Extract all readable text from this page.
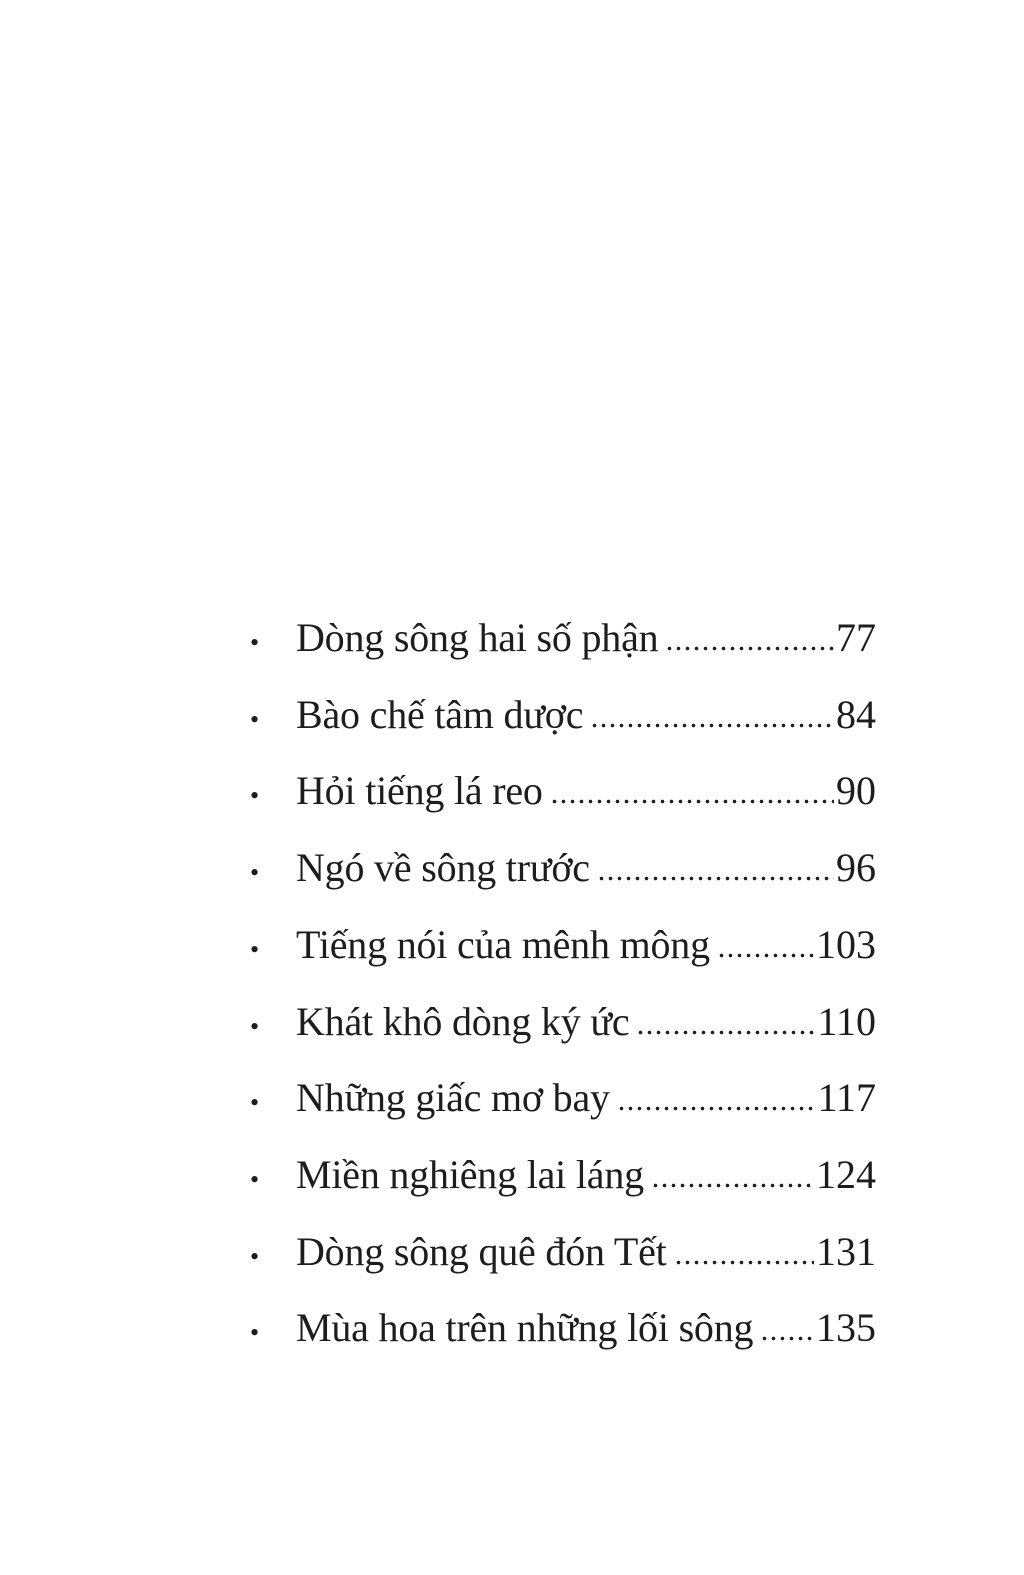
• Dòng sông hai số phận	77
• Bào chế tâm dược	84
• Hỏi tiếng lá reo	90
• Ngó về sông trước	96
• Tiếng nói của mênh mông	103
• Khát khô dòng ký ức	110
• Những giấc mơ bay	117
• Miền nghiêng lai láng	124
• Dòng sông quê đón Tết	131
• Mùa hoa trên những lối sông 135
